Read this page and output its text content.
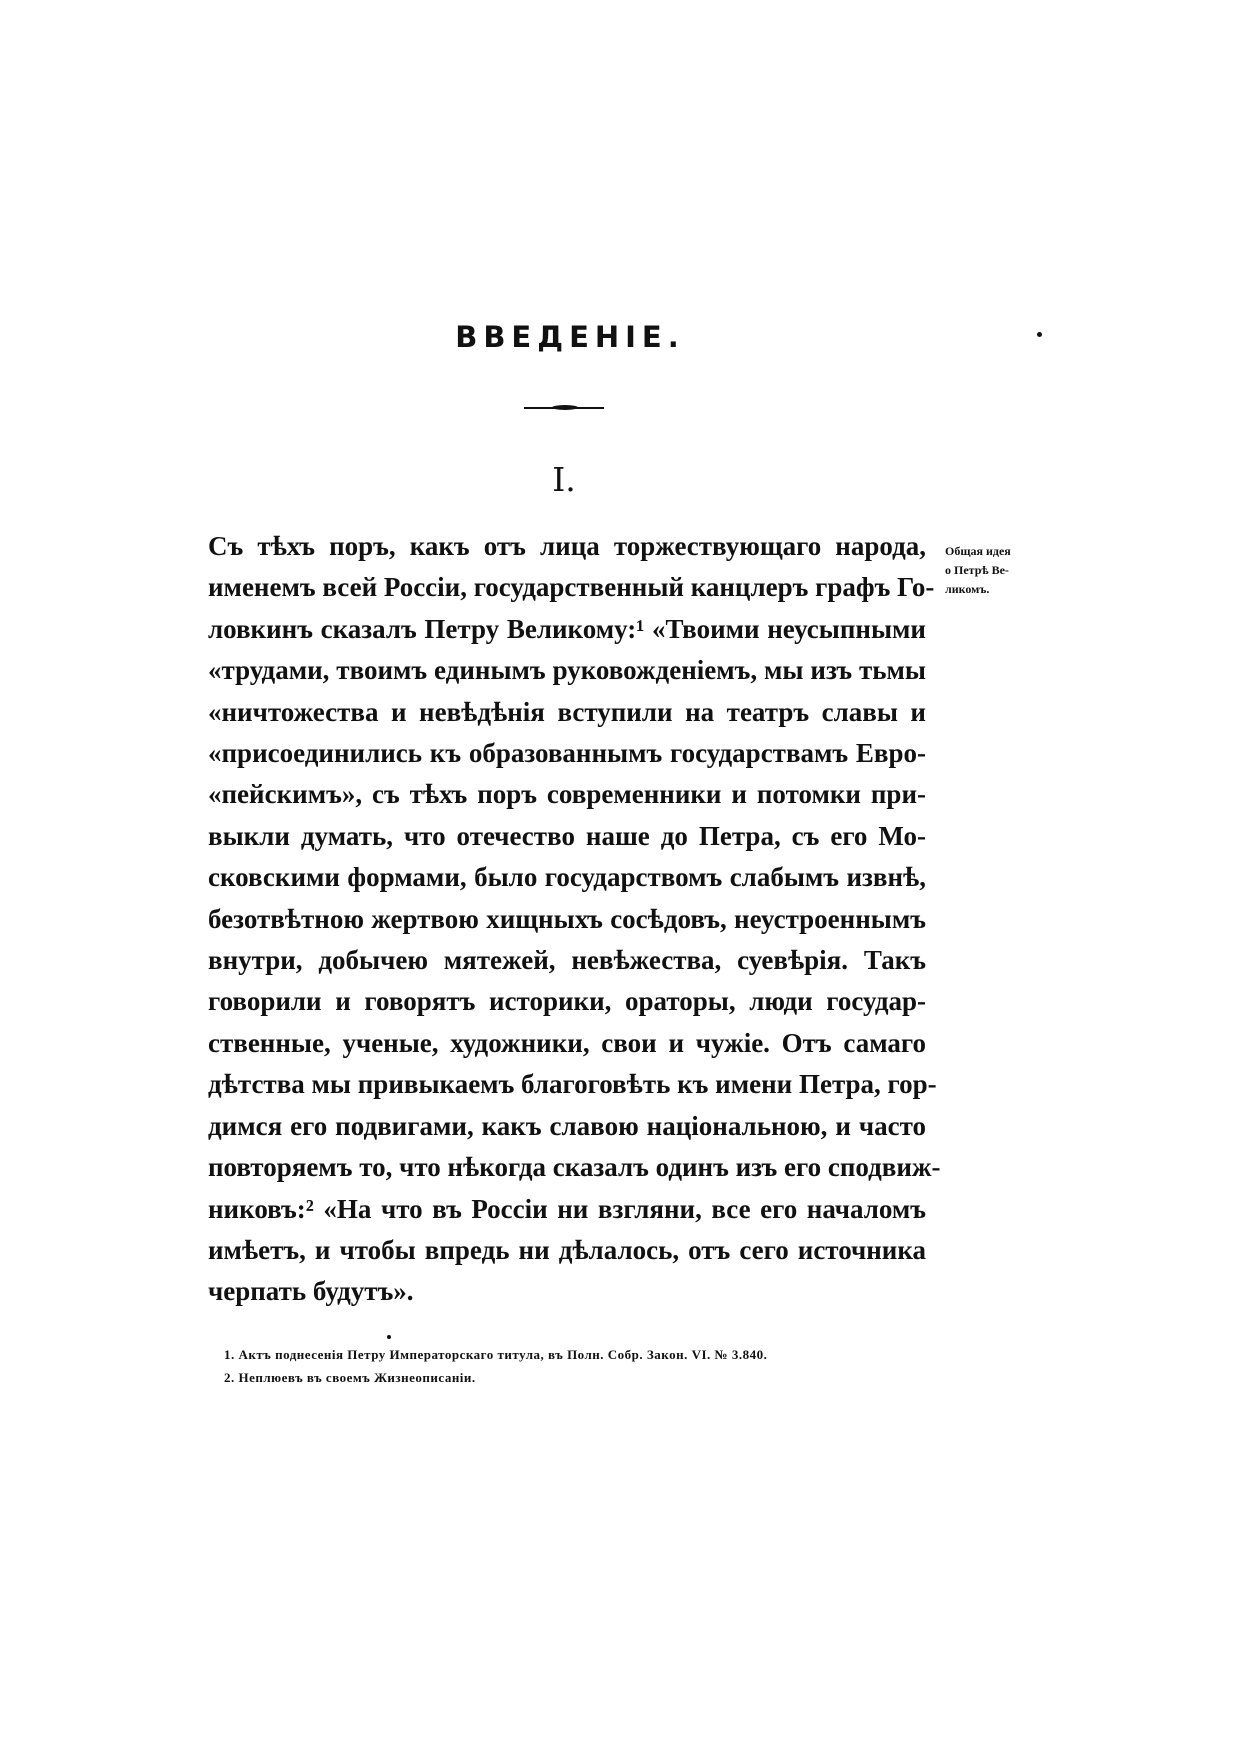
ВВЕДЕНІЕ.
I.
Съ тѣхъ поръ, какъ отъ лица торжествующаго народа,
именемъ всей Россіи, государственный канцлеръ графъ Го-
ловкинъ сказалъ Петру Великому:¹ «Твоими неусыпными
«трудами, твоимъ единымъ руковожденіемъ, мы изъ тьмы
«ничтожества и невѣдѣнія вступили на театръ славы и
«присоединились къ образованнымъ государствамъ Евро-
«пейскимъ», съ тѣхъ поръ современники и потомки при-
выкли думать, что отечество наше до Петра, съ его Мо-
сковскими формами, было государствомъ слабымъ извнѣ,
безотвѣтною жертвою хищныхъ сосѣдовъ, неустроеннымъ
внутри, добычею мятежей, невѣжества, суевѣрія. Такъ
говорили и говорятъ историки, ораторы, люди государ-
ственные, ученые, художники, свои и чужіе. Отъ самаго
дѣтства мы привыкаемъ благоговѣть къ имени Петра, гор-
димся его подвигами, какъ славою національною, и часто
повторяемъ то, что нѣкогда сказалъ одинъ изъ его сподвиж-
никовъ:² «На что въ Россіи ни взгляни, все его началомъ
имѣетъ, и чтобы впредь ни дѣлалось, отъ сего источника
черпать будутъ».
Общая идея
о Петрѣ Ве-
ликомъ.
1. Актъ поднесенія Петру Императорскаго титула, въ Полн. Собр. Закон. VI. № 3.840.
2. Неплюевъ въ своемъ Жизнеописаніи.
